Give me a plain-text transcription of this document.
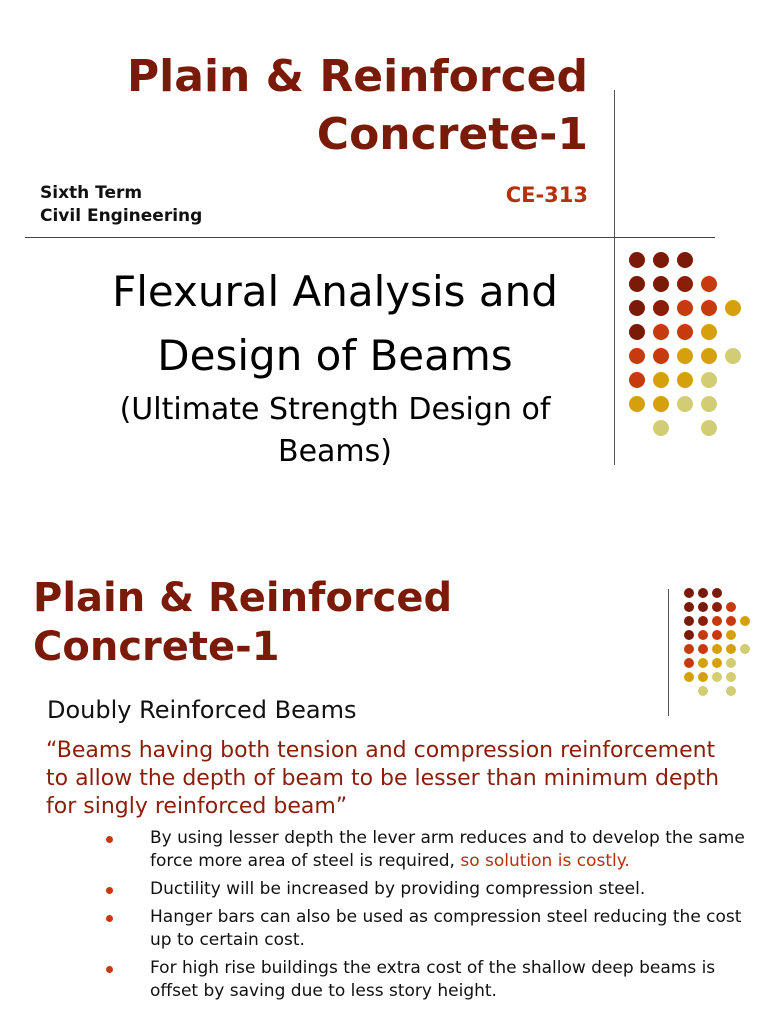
Plain & Reinforced
Concrete-1
Sixth Term
Civil Engineering
CE-313
Flexural Analysis and
Design of Beams
(Ultimate Strength Design of
Beams)
Plain & Reinforced
Concrete-1
Doubly Reinforced Beams
“Beams having both tension and compression reinforcement to allow the depth of beam to be lesser than minimum depth for singly reinforced beam”
By using lesser depth the lever arm reduces and to develop the same force more area of steel is required, so solution is costly.
Ductility will be increased by providing compression steel.
Hanger bars can also be used as compression steel reducing the cost up to certain cost.
For high rise buildings the extra cost of the shallow deep beams is offset by saving due to less story height.
